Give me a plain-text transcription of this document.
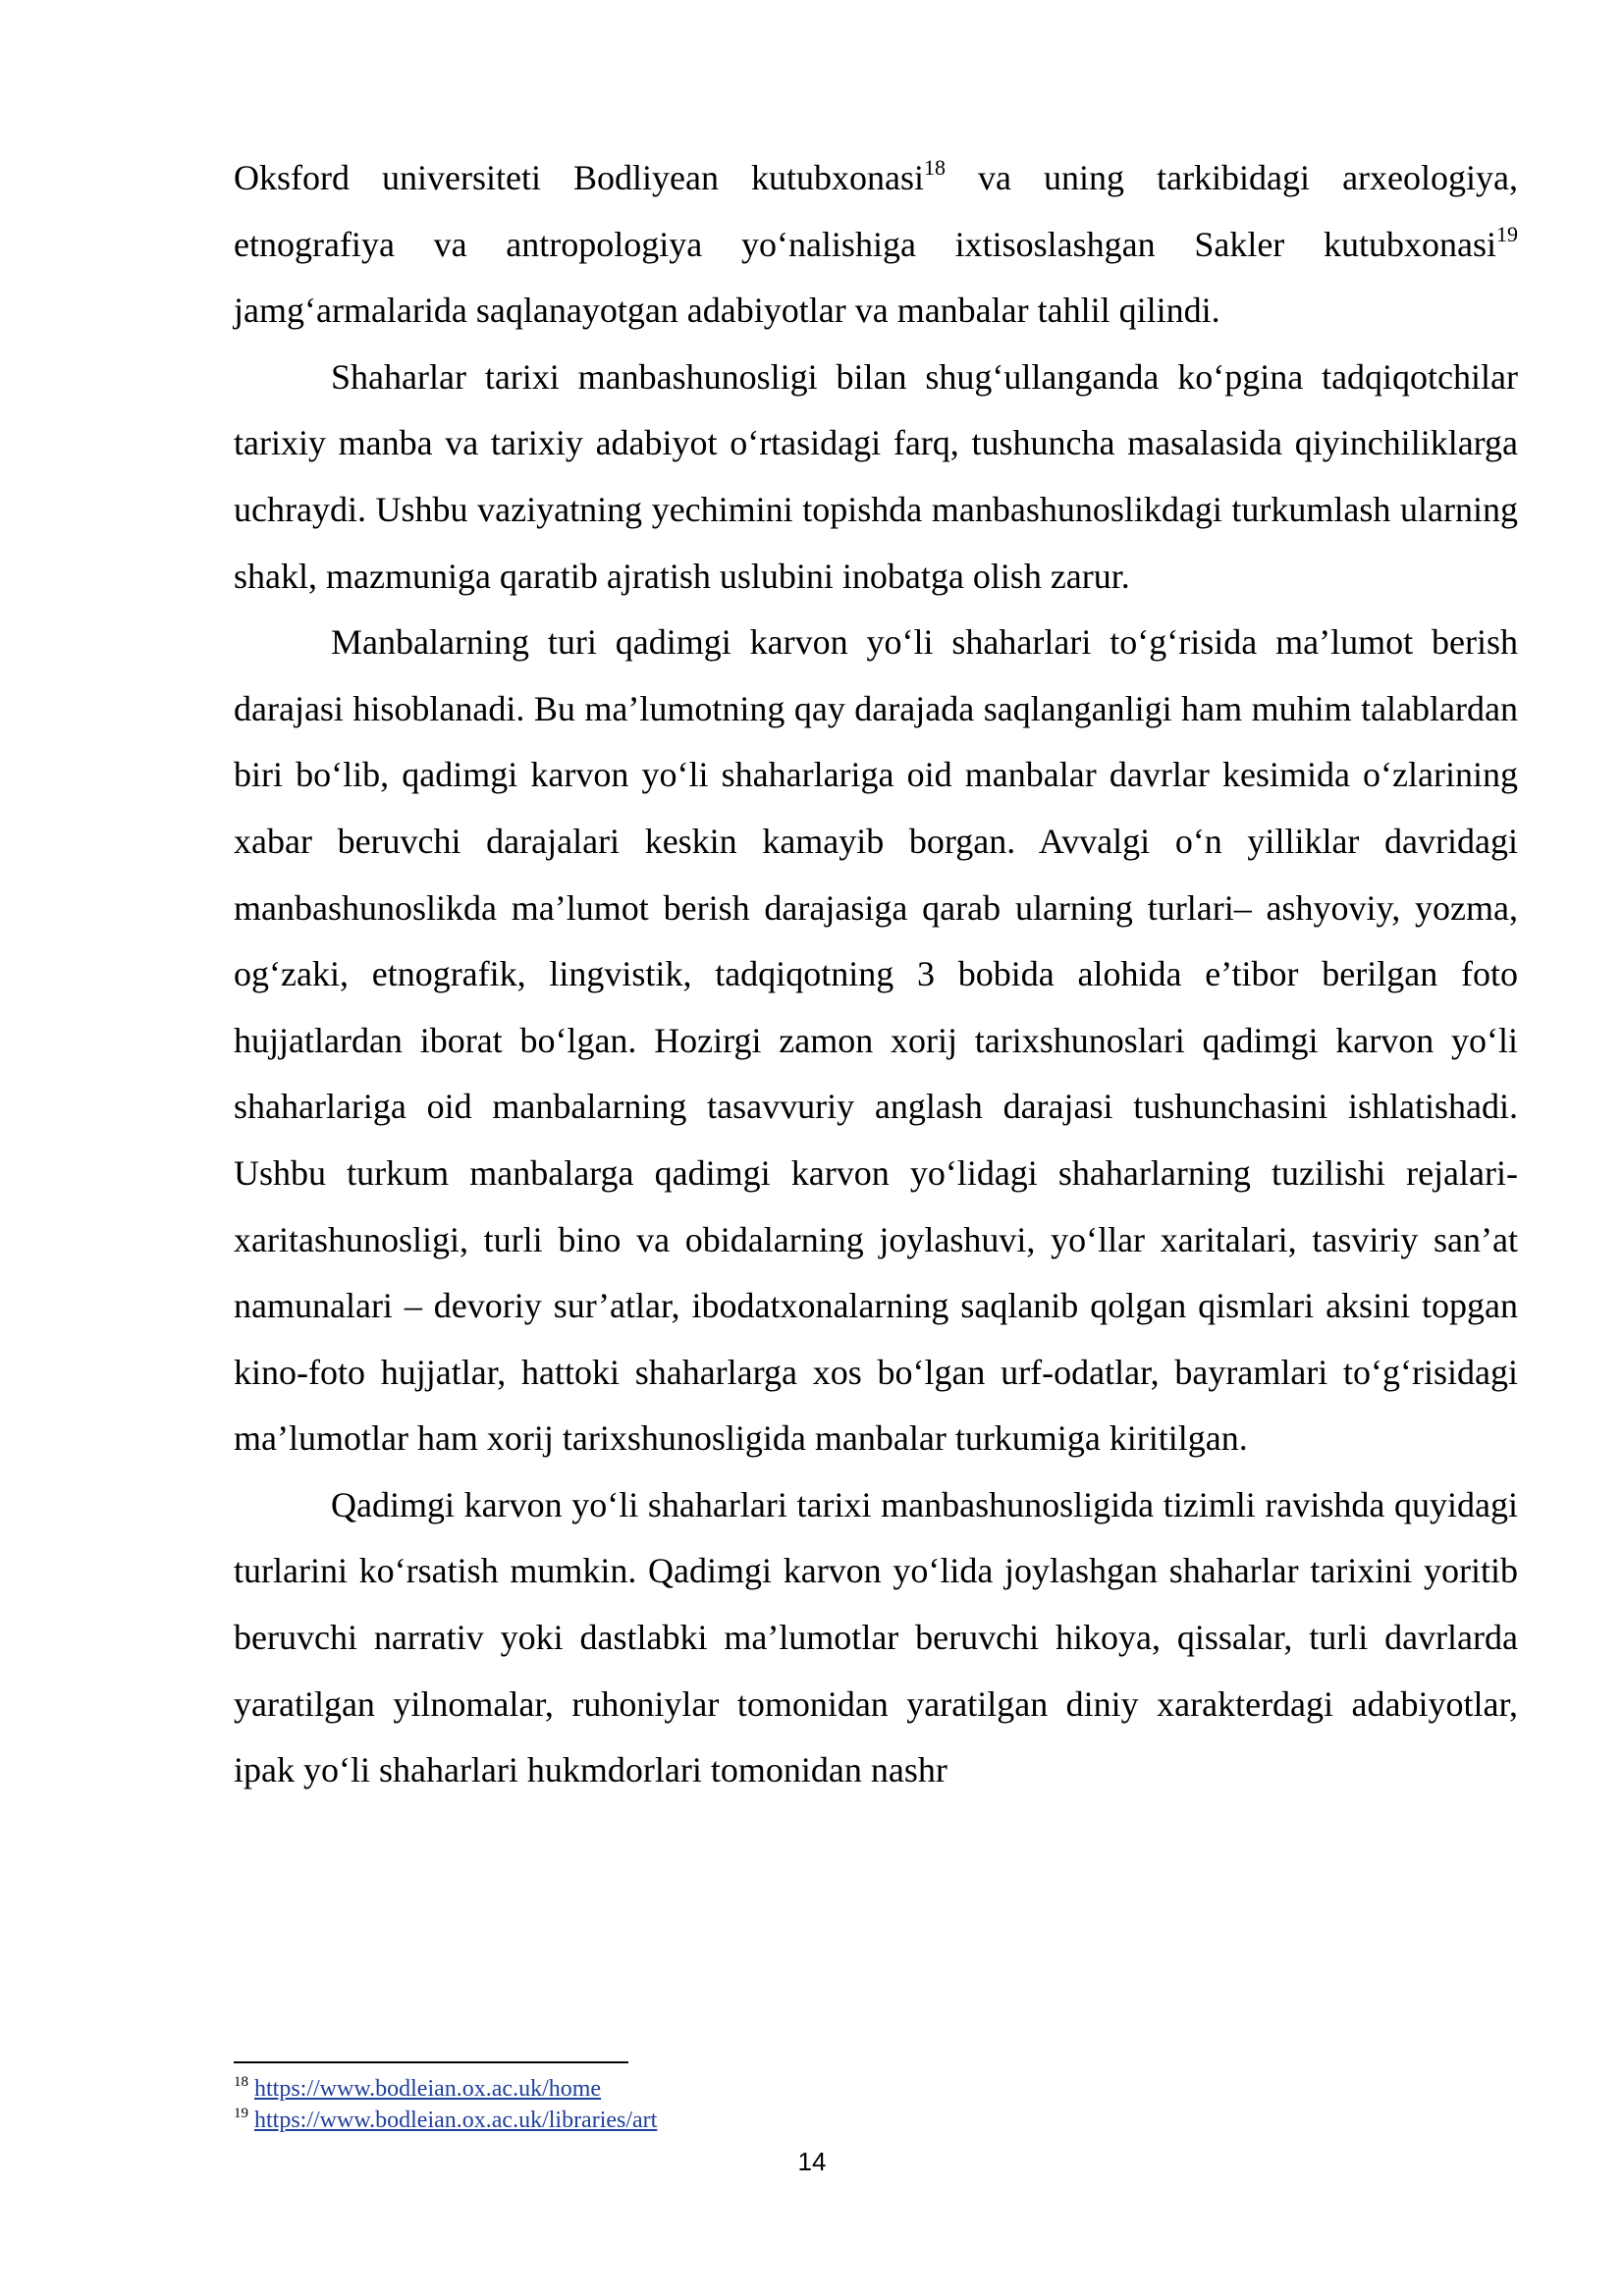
Oksford universiteti Bodliyean kutubxonasi$^{18}$ va uning tarkibidagi arxeologiya, etnografiya va antropologiya yo‘nalishiga ixtisoslashgan Sakler kutubxonasi$^{19}$ jamg‘armalarida saqlanayotgan adabiyotlar va manbalar tahlil qilindi.

Shaharlar tarixi manbashunosligi bilan shug‘ullanganda ko‘pgina tadqiqotchilar tarixiy manba va tarixiy adabiyot o‘rtasidagi farq, tushuncha masalasida qiyinchiliklarga uchraydi. Ushbu vaziyatning yechimini topishda manbashunoslikdagi turkumlash ularning shakl, mazmuniga qaratib ajratish uslubini inobatga olish zarur.

Manbalarning turi qadimgi karvon yo‘li shaharlari to‘g‘risida ma’lumot berish darajasi hisoblanadi. Bu ma’lumotning qay darajada saqlanganligi ham muhim talablardan biri bo‘lib, qadimgi karvon yo‘li shaharlariga oid manbalar davrlar kesimida o‘zlarining xabar beruvchi darajalari keskin kamayib borgan. Avvalgi o‘n yilliklar davridagi manbashunoslikda ma’lumot berish darajasiga qarab ularning turlari– ashyoviy, yozma, og‘zaki, etnografik, lingvistik, tadqiqotning 3 bobida alohida e’tibor berilgan foto hujjatlardan iborat bo‘lgan. Hozirgi zamon xorij tarixshunoslari qadimgi karvon yo‘li shaharlariga oid manbalarning tasavvuriy anglash darajasi tushunchasini ishlatishadi. Ushbu turkum manbalarga qadimgi karvon yo‘lidagi shaharlarning tuzilishi rejalari-xaritashunosligi, turli bino va obidalarning joylashuvi, yo‘llar xaritalari, tasviriy san’at namunalari – devoriy sur’atlar, ibodatxonalarning saqlanib qolgan qismlari aksini topgan kino-foto hujjatlar, hattoki shaharlarga xos bo‘lgan urf-odatlar, bayramlari to‘g‘risidagi ma’lumotlar ham xorij tarixshunosligida manbalar turkumiga kiritilgan.

Qadimgi karvon yo‘li shaharlari tarixi manbashunosligida tizimli ravishda quyidagi turlarini ko‘rsatish mumkin. Qadimgi karvon yo‘lida joylashgan shaharlar tarixini yoritib beruvchi narrativ yoki dastlabki ma’lumotlar beruvchi hikoya, qissalar, turli davrlarda yaratilgan yilnomalar, ruhoniylar tomonidan yaratilgan diniy xarakterdagi adabiyotlar, ipak yo‘li shaharlari hukmdorlari tomonidan nashr

$^{18}$ https://www.bodleian.ox.ac.uk/home
$^{19}$ https://www.bodleian.ox.ac.uk/libraries/art
14
